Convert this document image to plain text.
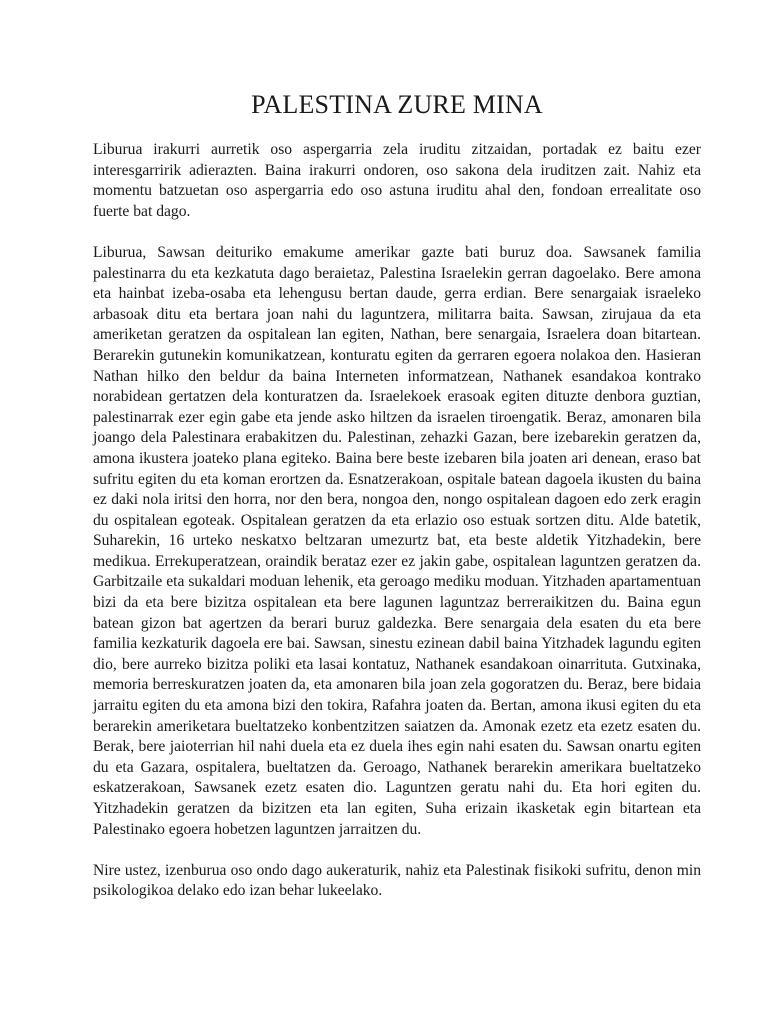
PALESTINA ZURE MINA

Liburua irakurri aurretik oso aspergarria zela iruditu zitzaidan, portadak ez baitu ezer interesgarririk adierazten. Baina irakurri ondoren, oso sakona dela iruditzen zait. Nahiz eta momentu batzuetan oso aspergarria edo oso astuna iruditu ahal den, fondoan errealitate oso fuerte bat dago.

Liburua, Sawsan deituriko emakume amerikar gazte bati buruz doa. Sawsanek familia palestinarra du eta kezkatuta dago beraietaz, Palestina Israelekin gerran dagoelako. Bere amona eta hainbat izeba-osaba eta lehengusu bertan daude, gerra erdian. Bere senargaiak israeleko arbasoak ditu eta bertara joan nahi du laguntzera, militarra baita. Sawsan, zirujaua da eta ameriketan geratzen da ospitalean lan egiten, Nathan, bere senargaia, Israelera doan bitartean. Berarekin gutunekin komunikatzean, konturatu egiten da gerraren egoera nolakoa den. Hasieran Nathan hilko den beldur da baina Interneten informatzean, Nathanek esandakoa kontrako norabidean gertatzen dela konturatzen da. Israelekoek erasoak egiten dituzte denbora guztian, palestinarrak ezer egin gabe eta jende asko hiltzen da israelen tiroengatik. Beraz, amonaren bila joango dela Palestinara erabakitzen du. Palestinan, zehazki Gazan, bere izebarekin geratzen da, amona ikustera joateko plana egiteko. Baina bere beste izebaren bila joaten ari denean, eraso bat sufritu egiten du eta koman erortzen da. Esnatzerakoan, ospitale batean dagoela ikusten du baina ez daki nola iritsi den horra, nor den bera, nongoa den, nongo ospitalean dagoen edo zerk eragin du ospitalean egoteak. Ospitalean geratzen da eta erlazio oso estuak sortzen ditu. Alde batetik, Suharekin, 16 urteko neskatxo beltzaran umezurtz bat, eta beste aldetik Yitzhadekin, bere medikua. Errekuperatzean, oraindik berataz ezer ez jakin gabe, ospitalean laguntzen geratzen da. Garbitzaile eta sukaldari moduan lehenik, eta geroago mediku moduan. Yitzhaden apartamentuan bizi da eta bere bizitza ospitalean eta bere lagunen laguntzaz berreraikitzen du. Baina egun batean gizon bat agertzen da berari buruz galdezka. Bere senargaia dela esaten du eta bere familia kezkaturik dagoela ere bai. Sawsan, sinestu ezinean dabil baina Yitzhadek lagundu egiten dio, bere aurreko bizitza poliki eta lasai kontatuz, Nathanek esandakoan oinarrituta. Gutxinaka, memoria berreskuratzen joaten da, eta amonaren bila joan zela gogoratzen du. Beraz, bere bidaia jarraitu egiten du eta amona bizi den tokira, Rafahra joaten da. Bertan, amona ikusi egiten du eta berarekin ameriketara bueltatzeko konbentzitzen saiatzen da. Amonak ezetz eta ezetz esaten du. Berak, bere jaioterrian hil nahi duela eta ez duela ihes egin nahi esaten du. Sawsan onartu egiten du eta Gazara, ospitalera, bueltatzen da. Geroago, Nathanek berarekin amerikara bueltatzeko eskatzerakoan, Sawsanek ezetz esaten dio. Laguntzen geratu nahi du. Eta hori egiten du. Yitzhadekin geratzen da bizitzen eta lan egiten, Suha erizain ikasketak egin bitartean eta Palestinako egoera hobetzen laguntzen jarraitzen du.

Nire ustez, izenburua oso ondo dago aukeraturik, nahiz eta Palestinak fisikoki sufritu, denon min psikologikoa delako edo izan behar lukeelako.
